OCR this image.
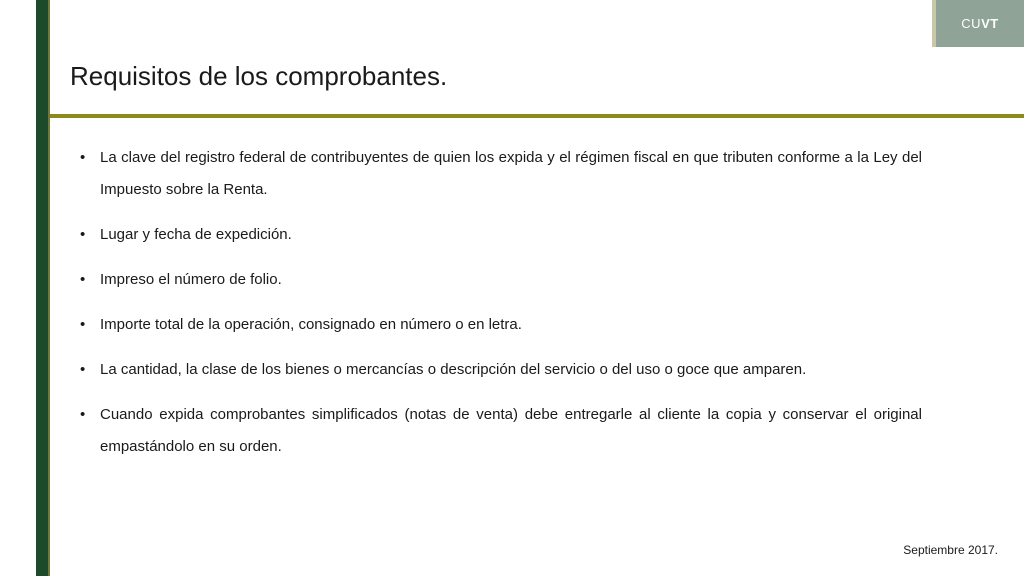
CUVT
Requisitos de los comprobantes.
• La clave del registro federal de contribuyentes de quien los expida y el régimen fiscal en que tributen conforme a la Ley del Impuesto sobre la Renta.
• Lugar y fecha de expedición.
• Impreso el número de folio.
• Importe total de la operación, consignado en número o en letra.
• La cantidad, la clase de los bienes o mercancías o descripción del servicio o del uso o goce que amparen.
• Cuando expida comprobantes simplificados (notas de venta) debe entregarle al cliente la copia y conservar el original empastándolo en su orden.
Septiembre 2017.
